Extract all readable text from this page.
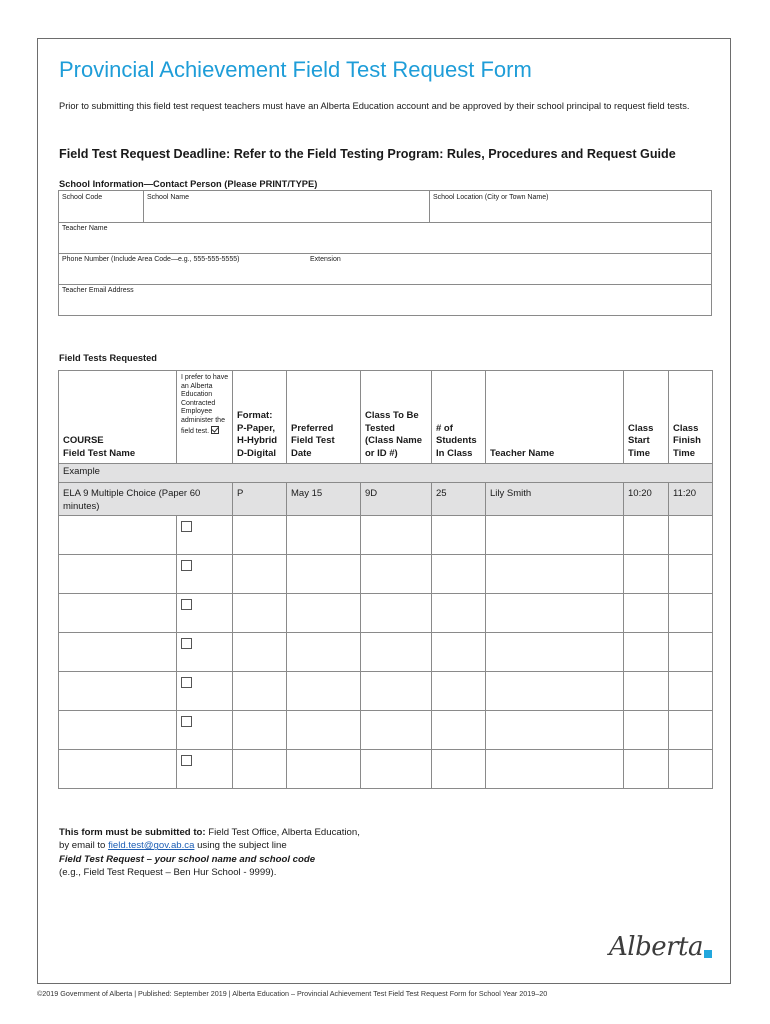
Provincial Achievement Field Test Request Form
Prior to submitting this field test request teachers must have an Alberta Education account and be approved by their school principal to request field tests.
Field Test Request Deadline: Refer to the Field Testing Program: Rules, Procedures and Request Guide
School Information—Contact Person (Please PRINT/TYPE)
School Code	School Name	School Location (City or Town Name)
Teacher Name
Phone Number (Include Area Code—e.g., 555-555-5555)	Extension
Teacher Email Address
Field Tests Requested
COURSE
Field Test Name	I prefer to have an Alberta Education Contracted Employee administer the field test.	Format:
P-Paper,
H-Hybrid
D-Digital	Preferred
Field Test
Date	Class To Be
Tested
(Class Name
or ID #)	# of
Students
In Class	Teacher Name	Class
Start
Time	Class
Finish
Time

Example								
ELA 9 Multiple Choice (Paper 60 minutes)		P	May 15	9D	25	Lily Smith	10:20	11:20

This form must be submitted to: Field Test Office, Alberta Education,
by email to field.test@gov.ab.ca using the subject line
Field Test Request – your school name and school code
(e.g., Field Test Request – Ben Hur School - 9999).
Alberta
©2019 Government of Alberta | Published: September 2019 | Alberta Education – Provincial Achievement Test Field Test Request Form for School Year 2019–20
